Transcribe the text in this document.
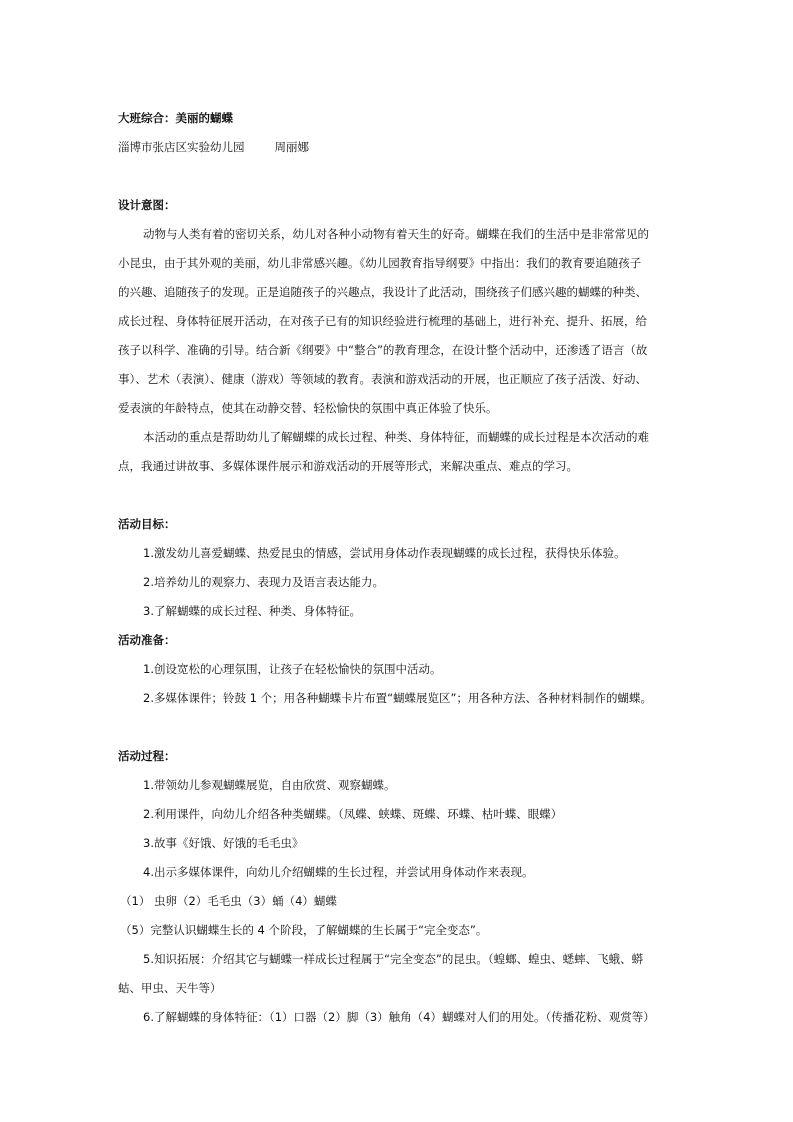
大班综合：美丽的蝴蝶

淄博市张店区实验幼儿园	周丽娜

设计意图：

动物与人类有着的密切关系，幼儿对各种小动物有着天生的好奇。蝴蝶在我们的生活中是非常常见的

小昆虫，由于其外观的美丽，幼儿非常感兴趣。《幼儿园教育指导纲要》中指出：我们的教育要追随孩子

的兴趣、追随孩子的发现。正是追随孩子的兴趣点，我设计了此活动，围绕孩子们感兴趣的蝴蝶的种类、

成长过程、身体特征展开活动，在对孩子已有的知识经验进行梳理的基础上，进行补充、提升、拓展，给

孩子以科学、准确的引导。结合新《纲要》中“整合”的教育理念，在设计整个活动中，还渗透了语言（故

事）、艺术（表演）、健康（游戏）等领域的教育。表演和游戏活动的开展，也正顺应了孩子活泼、好动、

爱表演的年龄特点，使其在动静交替、轻松愉快的氛围中真正体验了快乐。

本活动的重点是帮助幼儿了解蝴蝶的成长过程、种类、身体特征，而蝴蝶的成长过程是本次活动的难

点，我通过讲故事、多媒体课件展示和游戏活动的开展等形式，来解决重点、难点的学习。

活动目标：

1.激发幼儿喜爱蝴蝶、热爱昆虫的情感，尝试用身体动作表现蝴蝶的成长过程，获得快乐体验。

2.培养幼儿的观察力、表现力及语言表达能力。

3.了解蝴蝶的成长过程、种类、身体特征。

活动准备：

1.创设宽松的心理氛围，让孩子在轻松愉快的氛围中活动。

2.多媒体课件；铃鼓 1 个；用各种蝴蝶卡片布置“蝴蝶展览区”；用各种方法、各种材料制作的蝴蝶。

活动过程：

1.带领幼儿参观蝴蝶展览，自由欣赏、观察蝴蝶。

2.利用课件，向幼儿介绍各种类蝴蝶。（凤蝶、蛱蝶、斑蝶、环蝶、枯叶蝶、眼蝶）

3.故事《好饿、好饿的毛毛虫》

4.出示多媒体课件，向幼儿介绍蝴蝶的生长过程，并尝试用身体动作来表现。

（1） 虫卵（2）毛毛虫（3）蛹（4）蝴蝶

（5）完整认识蝴蝶生长的 4 个阶段，了解蝴蝶的生长属于“完全变态”。

5.知识拓展：介绍其它与蝴蝶一样成长过程属于“完全变态”的昆虫。（蝗螂、蝗虫、蟋蟀、飞蛾、蟒

蛄、甲虫、天牛等）

6.了解蝴蝶的身体特征：（1）口器（2）脚（3）触角（4）蝴蝶对人们的用处。（传播花粉、观赏等）
